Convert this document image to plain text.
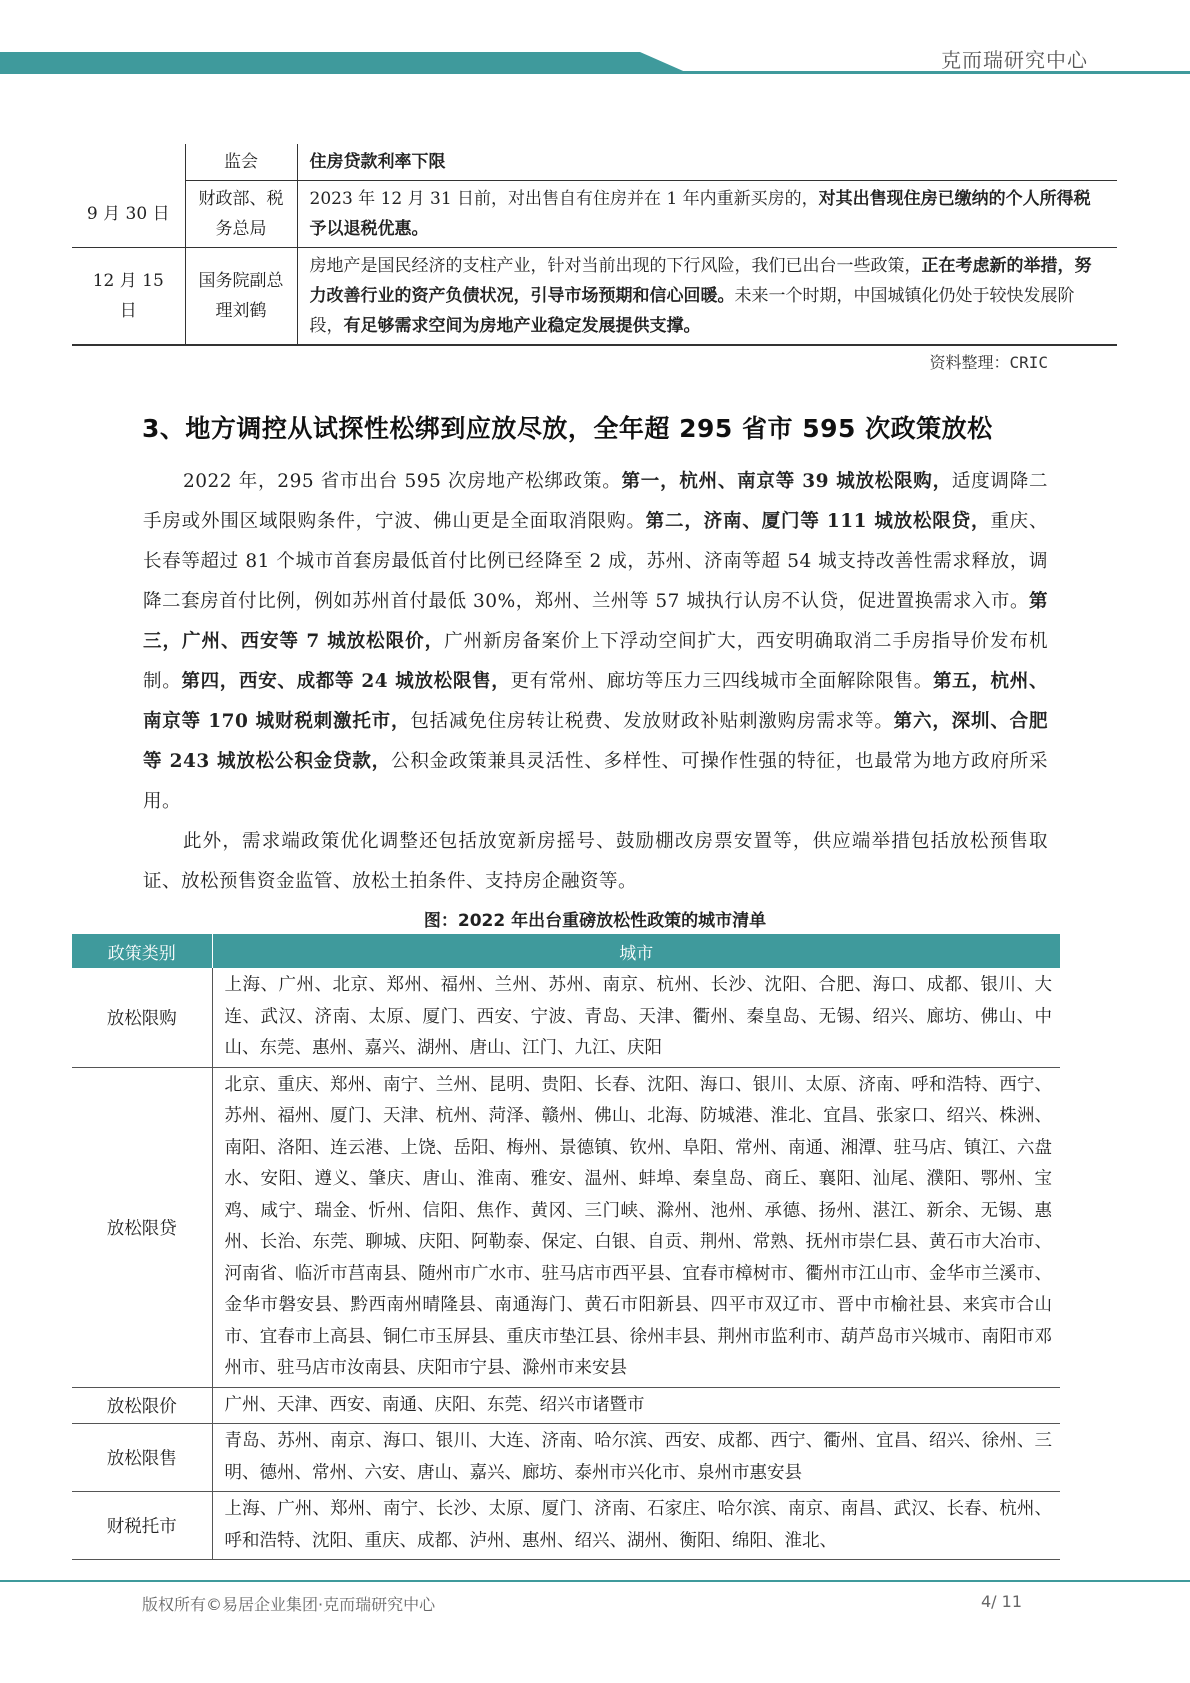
克而瑞研究中心
	监会	住房贷款利率下限
9 月 30 日	财政部、税务总局	2023 年 12 月 31 日前，对出售自有住房并在 1 年内重新买房的，对其出售现住房已缴纳的个人所得税予以退税优惠。
12 月 15 日	国务院副总理刘鹤	房地产是国民经济的支柱产业，针对当前出现的下行风险，我们已出台一些政策，正在考虑新的举措，努力改善行业的资产负债状况，引导市场预期和信心回暖。未来一个时期，中国城镇化仍处于较快发展阶段，有足够需求空间为房地产业稳定发展提供支撑。
资料整理：CRIC
3、地方调控从试探性松绑到应放尽放，全年超 295 省市 595 次政策放松

2022 年，295 省市出台 595 次房地产松绑政策。第一，杭州、南京等 39 城放松限购，适度调降二手房或外围区域限购条件，宁波、佛山更是全面取消限购。第二，济南、厦门等 111 城放松限贷，重庆、长春等超过 81 个城市首套房最低首付比例已经降至 2 成，苏州、济南等超 54 城支持改善性需求释放，调降二套房首付比例，例如苏州首付最低 30%，郑州、兰州等 57 城执行认房不认贷，促进置换需求入市。第三，广州、西安等 7 城放松限价，广州新房备案价上下浮动空间扩大，西安明确取消二手房指导价发布机制。第四，西安、成都等 24 城放松限售，更有常州、廊坊等压力三四线城市全面解除限售。第五，杭州、南京等 170 城财税刺激托市，包括减免住房转让税费、发放财政补贴刺激购房需求等。第六，深圳、合肥等 243 城放松公积金贷款，公积金政策兼具灵活性、多样性、可操作性强的特征，也最常为地方政府所采用。

此外，需求端政策优化调整还包括放宽新房摇号、鼓励棚改房票安置等，供应端举措包括放松预售取证、放松预售资金监管、放松土拍条件、支持房企融资等。

图：2022 年出台重磅放松性政策的城市清单
政策类别	城市
放松限购	上海、广州、北京、郑州、福州、兰州、苏州、南京、杭州、长沙、沈阳、合肥、海口、成都、银川、大连、武汉、济南、太原、厦门、西安、宁波、青岛、天津、衢州、秦皇岛、无锡、绍兴、廊坊、佛山、中山、东莞、惠州、嘉兴、湖州、唐山、江门、九江、庆阳
放松限贷	北京、重庆、郑州、南宁、兰州、昆明、贵阳、长春、沈阳、海口、银川、太原、济南、呼和浩特、西宁、苏州、福州、厦门、天津、杭州、菏泽、赣州、佛山、北海、防城港、淮北、宜昌、张家口、绍兴、株洲、南阳、洛阳、连云港、上饶、岳阳、梅州、景德镇、钦州、阜阳、常州、南通、湘潭、驻马店、镇江、六盘水、安阳、遵义、肇庆、唐山、淮南、雅安、温州、蚌埠、秦皇岛、商丘、襄阳、汕尾、濮阳、鄂州、宝鸡、咸宁、瑞金、忻州、信阳、焦作、黄冈、三门峡、滁州、池州、承德、扬州、湛江、新余、无锡、惠州、长治、东莞、聊城、庆阳、阿勒泰、保定、白银、自贡、荆州、常熟、抚州市崇仁县、黄石市大冶市、河南省、临沂市莒南县、随州市广水市、驻马店市西平县、宜春市樟树市、衢州市江山市、金华市兰溪市、金华市磐安县、黔西南州晴隆县、南通海门、黄石市阳新县、四平市双辽市、晋中市榆社县、来宾市合山市、宜春市上高县、铜仁市玉屏县、重庆市垫江县、徐州丰县、荆州市监利市、葫芦岛市兴城市、南阳市邓州市、驻马店市汝南县、庆阳市宁县、滁州市来安县
放松限价	广州、天津、西安、南通、庆阳、东莞、绍兴市诸暨市
放松限售	青岛、苏州、南京、海口、银川、大连、济南、哈尔滨、西安、成都、西宁、衢州、宜昌、绍兴、徐州、三明、德州、常州、六安、唐山、嘉兴、廊坊、泰州市兴化市、泉州市惠安县
财税托市	上海、广州、郑州、南宁、长沙、太原、厦门、济南、石家庄、哈尔滨、南京、南昌、武汉、长春、杭州、呼和浩特、沈阳、重庆、成都、泸州、惠州、绍兴、湖州、衡阳、绵阳、淮北、
版权所有©易居企业集团·克而瑞研究中心	4/ 11
